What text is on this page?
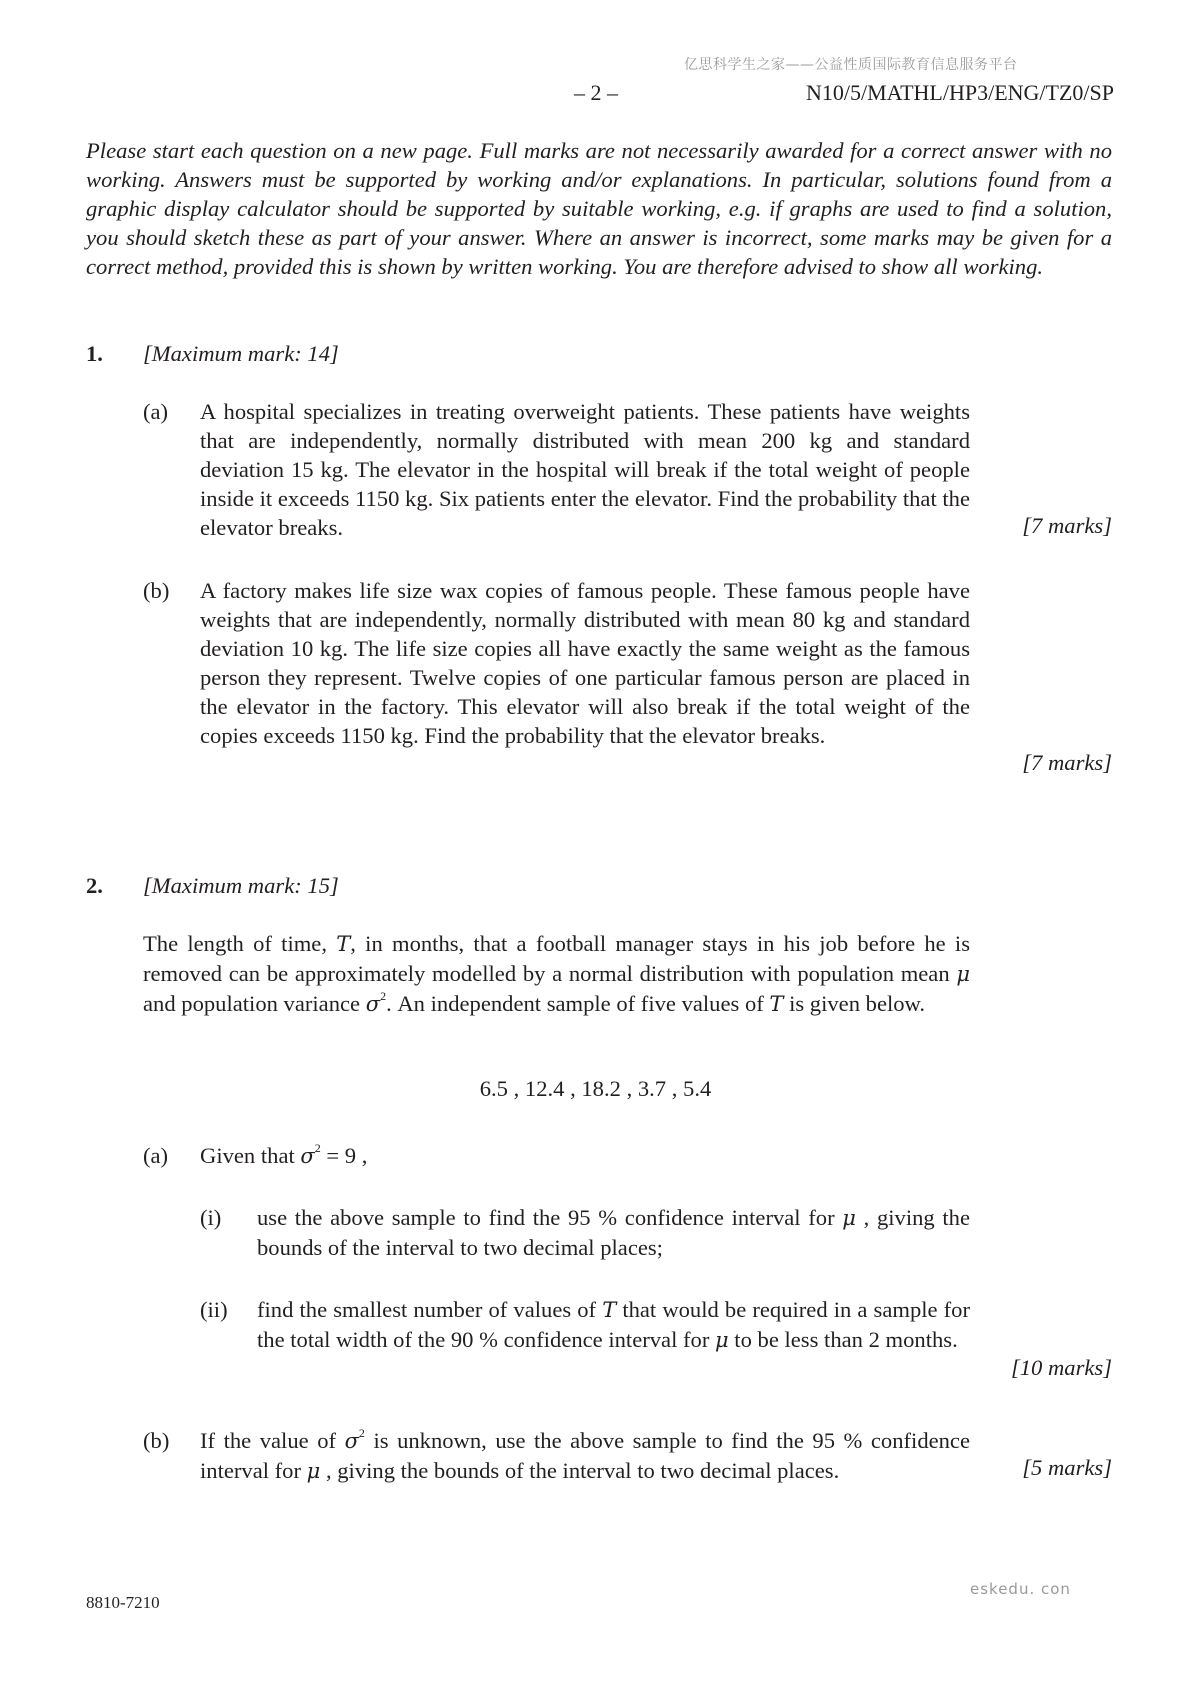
亿思科学生之家——公益性质国际教育信息服务平台
– 2 –	N10/5/MATHL/HP3/ENG/TZ0/SP
Please start each question on a new page. Full marks are not necessarily awarded for a correct answer with no working. Answers must be supported by working and/or explanations. In particular, solutions found from a graphic display calculator should be supported by suitable working, e.g. if graphs are used to find a solution, you should sketch these as part of your answer. Where an answer is incorrect, some marks may be given for a correct method, provided this is shown by written working. You are therefore advised to show all working.
1. [Maximum mark: 14]
(a) A hospital specializes in treating overweight patients. These patients have weights that are independently, normally distributed with mean 200 kg and standard deviation 15 kg. The elevator in the hospital will break if the total weight of people inside it exceeds 1150 kg. Six patients enter the elevator. Find the probability that the elevator breaks.	[7 marks]
(b) A factory makes life size wax copies of famous people. These famous people have weights that are independently, normally distributed with mean 80 kg and standard deviation 10 kg. The life size copies all have exactly the same weight as the famous person they represent. Twelve copies of one particular famous person are placed in the elevator in the factory. This elevator will also break if the total weight of the copies exceeds 1150 kg. Find the probability that the elevator breaks.
[7 marks]
2. [Maximum mark: 15]
The length of time, T, in months, that a football manager stays in his job before he is removed can be approximately modelled by a normal distribution with population mean μ and population variance $\sigma^2$. An independent sample of five values of T is given below.
6.5 , 12.4 , 18.2 , 3.7 , 5.4
(a) Given that $\sigma^2 = 9$ ,
(i) use the above sample to find the 95 % confidence interval for μ , giving the bounds of the interval to two decimal places;
(ii) find the smallest number of values of T that would be required in a sample for the total width of the 90 % confidence interval for μ to be less than 2 months.
[10 marks]
(b) If the value of $\sigma^2$ is unknown, use the above sample to find the 95 % confidence interval for μ , giving the bounds of the interval to two decimal places.	[5 marks]
8810-7210
eskedu. con
